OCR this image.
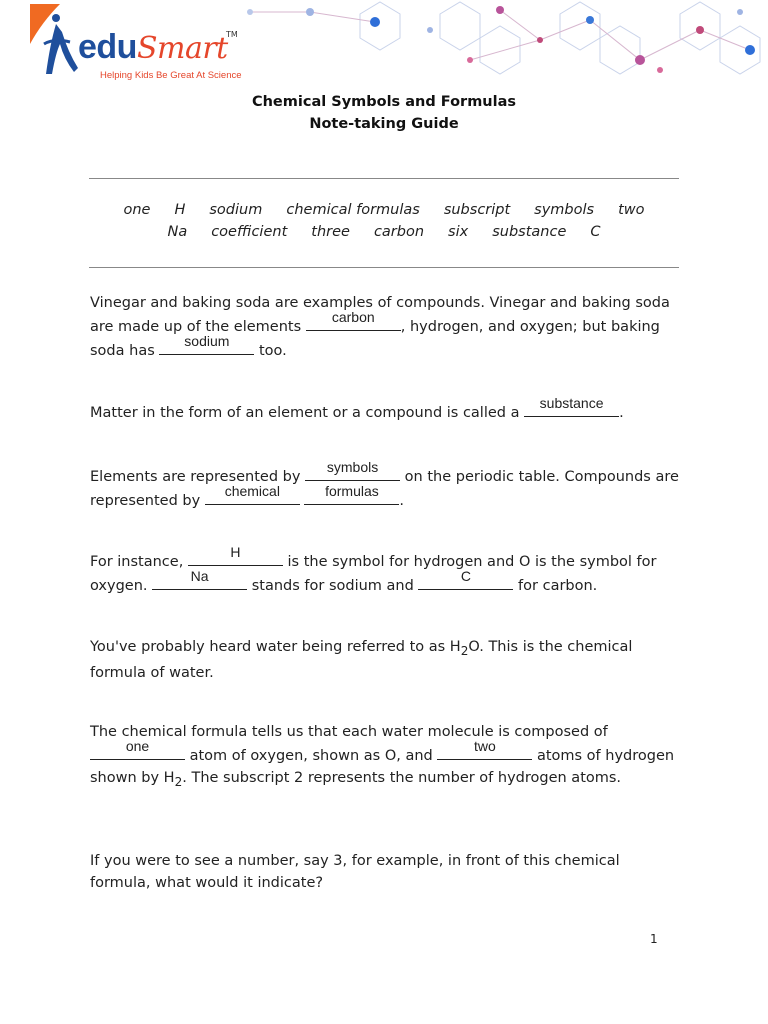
eduSmart
TM
Helping Kids Be Great At Science
Chemical Symbols and Formulas
Note-taking Guide
one H sodium chemical formulas subscript symbols two
Na coefficient three carbon six substance C
Vinegar and baking soda are examples of compounds. Vinegar and baking soda are made up of the elements
carbon
, hydrogen, and oxygen; but baking soda has
sodium
too.
Matter in the form of an element or a compound is called a
substance
.
Elements are represented by
symbols
on the periodic table. Compounds are represented by
chemical
	formulas
.
For instance,
H
is the symbol for hydrogen and O is the symbol for oxygen.
Na
stands for sodium and
C
for carbon.
You've probably heard water being referred to as $H_2O$. This is the chemical formula of water.
The chemical formula tells us that each water molecule is composed of
one
atom of oxygen, shown as O, and
two
atoms of hydrogen shown by $H_2$. The subscript 2 represents the number of hydrogen atoms.
If you were to see a number, say 3, for example, in front of this chemical formula, what would it indicate?
1
